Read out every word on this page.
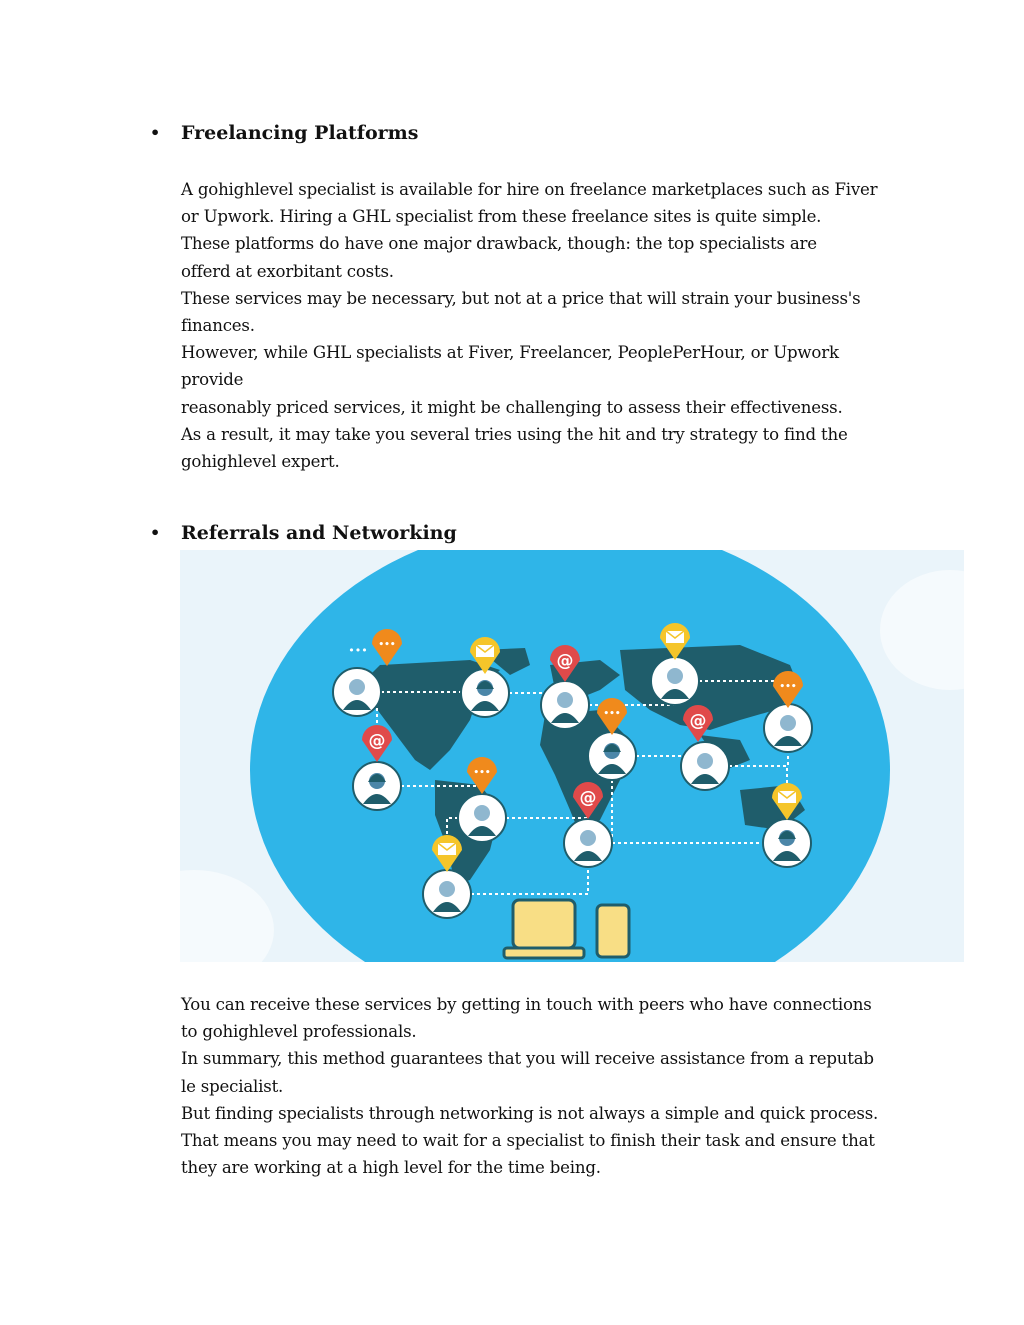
• Freelancing Platforms
A gohighlevel specialist is available for hire on freelance marketplaces such as Fiver
or Upwork. Hiring a GHL specialist from these freelance sites is quite simple.
These platforms do have one major drawback, though: the top specialists are
offerd at exorbitant costs.
These services may be necessary, but not at a price that will strain your business's
finances.
However, while GHL specialists at Fiver, Freelancer, PeoplePerHour, or Upwork
provide
reasonably priced services, it might be challenging to assess their effectiveness.
As a result, it may take you several tries using the hit and try strategy to find the
gohighlevel expert.
• Referrals and Networking
•••
@
•••	@
•••
@
•••
@
•••
You can receive these services by getting in touch with peers who have connections
to gohighlevel professionals.
In summary, this method guarantees that you will receive assistance from a reputab
le specialist.
But finding specialists through networking is not always a simple and quick process.
That means you may need to wait for a specialist to finish their task and ensure that
they are working at a high level for the time being.
